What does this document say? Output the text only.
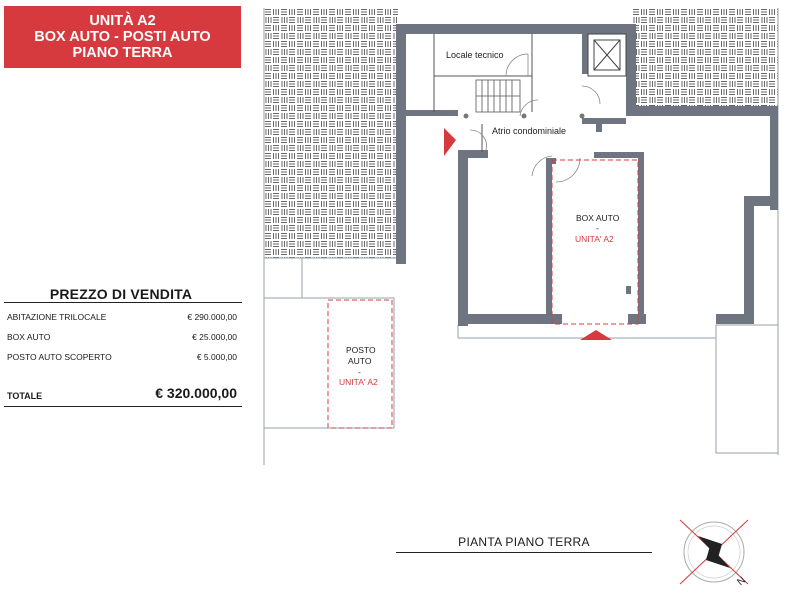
UNITÀ A2
BOX AUTO - POSTI AUTO
PIANO TERRA
PREZZO DI VENDITA
ABITAZIONE TRILOCALE	€ 290.000,00
BOX AUTO	€ 25.000,00
POSTO AUTO SCOPERTO	€ 5.000,00
TOTALE	€ 320.000,00
Locale tecnico
Atrio condominiale
BOX AUTO
-
UNITA' A2
POSTO
AUTO
-
UNITA' A2
PIANTA PIANO TERRA
N
